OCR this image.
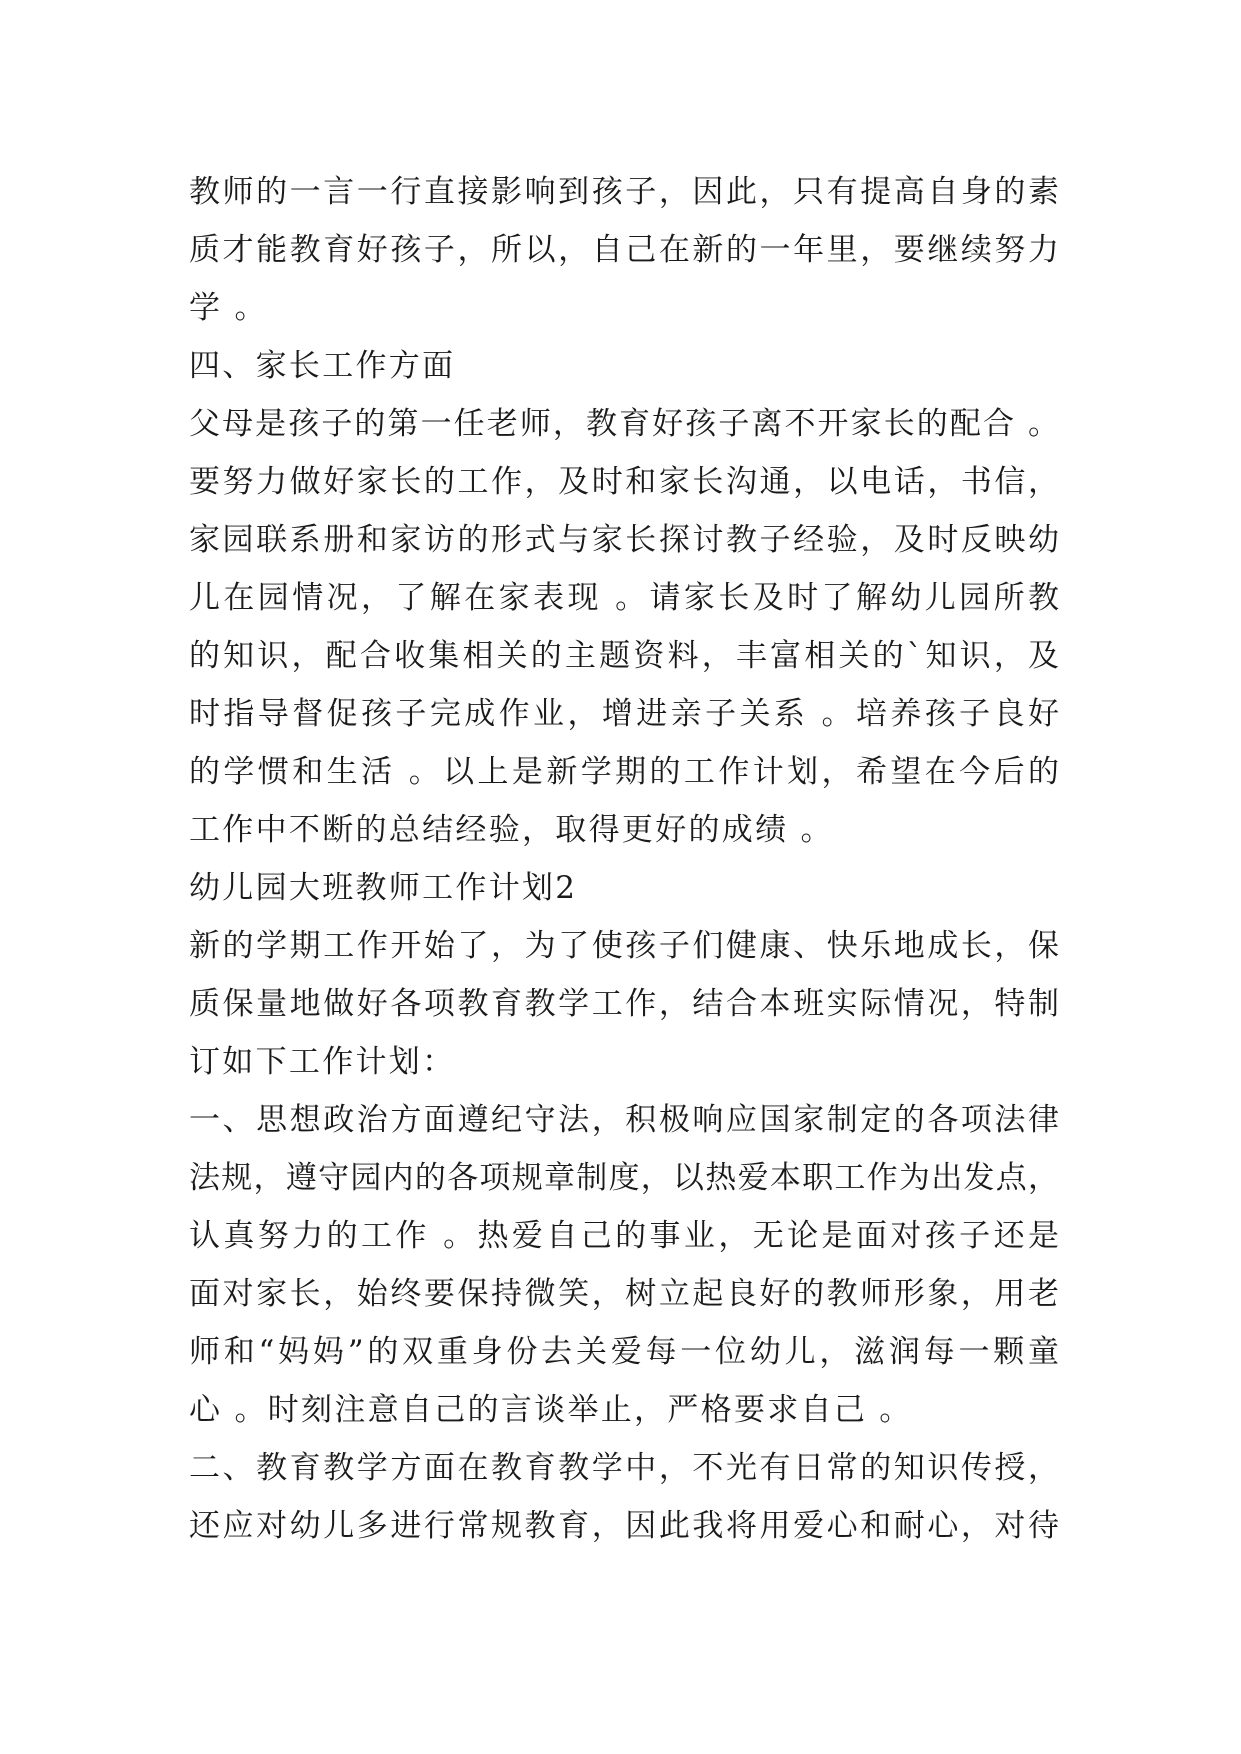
教师的一言一行直接影响到孩子，因此，只有提高自身的素
质才能教育好孩子，所以，自己在新的一年里，要继续努力
学 。
四、家长工作方面
父母是孩子的第一任老师，教育好孩子离不开家长的配合 。
要努力做好家长的工作，及时和家长沟通，以电话，书信，
家园联系册和家访的形式与家长探讨教子经验，及时反映幼
儿在园情况，了解在家表现 。请家长及时了解幼儿园所教
的知识，配合收集相关的主题资料，丰富相关的`知识，及
时指导督促孩子完成作业，增进亲子关系 。培养孩子良好
的学惯和生活 。以上是新学期的工作计划，希望在今后的
工作中不断的总结经验，取得更好的成绩 。
幼儿园大班教师工作计划2
新的学期工作开始了，为了使孩子们健康、快乐地成长，保
质保量地做好各项教育教学工作，结合本班实际情况，特制
订如下工作计划：
一、思想政治方面遵纪守法，积极响应国家制定的各项法律
法规，遵守园内的各项规章制度，以热爱本职工作为出发点，
认真努力的工作 。热爱自己的事业，无论是面对孩子还是
面对家长，始终要保持微笑，树立起良好的教师形象，用老
师和“妈妈”的双重身份去关爱每一位幼儿，滋润每一颗童
心 。时刻注意自己的言谈举止，严格要求自己 。
二、教育教学方面在教育教学中，不光有日常的知识传授，
还应对幼儿多进行常规教育，因此我将用爱心和耐心，对待
